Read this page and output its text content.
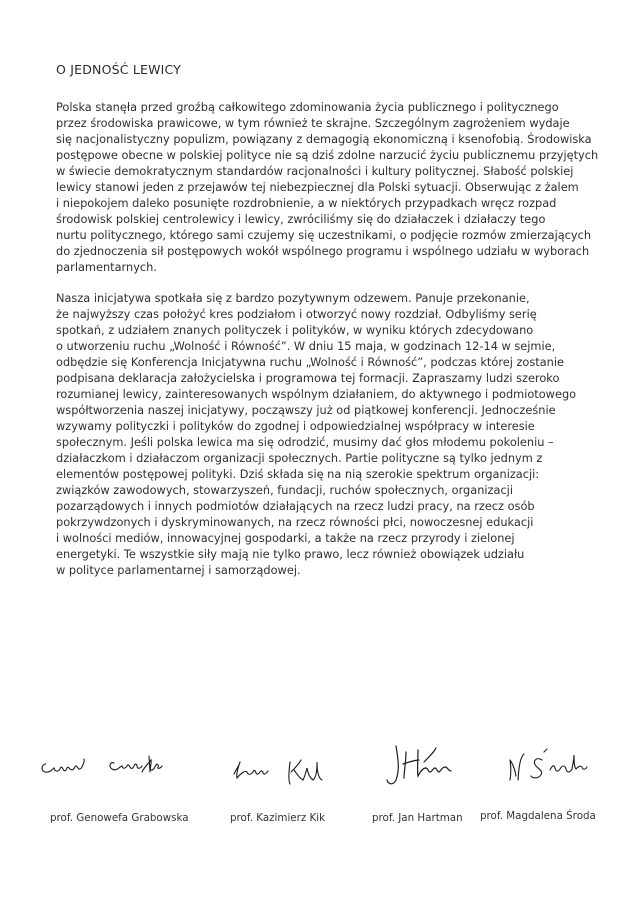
O JEDNOŚĆ LEWICY
Polska stanęła przed groźbą całkowitego zdominowania życia publicznego i politycznego
przez środowiska prawicowe, w tym również te skrajne. Szczególnym zagrożeniem wydaje
się nacjonalistyczny populizm, powiązany z demagogią ekonomiczną i ksenofobią. Środowiska
postępowe obecne w polskiej polityce nie są dziś zdolne narzucić życiu publicznemu przyjętych
w świecie demokratycznym standardów racjonalności i kultury politycznej. Słabość polskiej
lewicy stanowi jeden z przejawów tej niebezpiecznej dla Polski sytuacji. Obserwując z żalem
i niepokojem daleko posunięte rozdrobnienie, a w niektórych przypadkach wręcz rozpad
środowisk polskiej centrolewicy i lewicy, zwróciliśmy się do działaczek i działaczy tego
nurtu politycznego, którego sami czujemy się uczestnikami, o podjęcie rozmów zmierzających
do zjednoczenia sił postępowych wokół wspólnego programu i wspólnego udziału w wyborach
parlamentarnych.
Nasza inicjatywa spotkała się z bardzo pozytywnym odzewem. Panuje przekonanie,
że najwyższy czas położyć kres podziałom i otworzyć nowy rozdział. Odbyliśmy serię
spotkań, z udziałem znanych polityczek i polityków, w wyniku których zdecydowano
o utworzeniu ruchu „Wolność i Równość”. W dniu 15 maja, w godzinach 12-14 w sejmie,
odbędzie się Konferencja Inicjatywna ruchu „Wolność i Równość”, podczas której zostanie
podpisana deklaracja założycielska i programowa tej formacji. Zapraszamy ludzi szeroko
rozumianej lewicy, zainteresowanych wspólnym działaniem, do aktywnego i podmiotowego
współtworzenia naszej inicjatywy, począwszy już od piątkowej konferencji. Jednocześnie
wzywamy polityczki i polityków do zgodnej i odpowiedzialnej współpracy w interesie
społecznym. Jeśli polska lewica ma się odrodzić, musimy dać głos młodemu pokoleniu –
działaczkom i działaczom organizacji społecznych. Partie polityczne są tylko jednym z
elementów postępowej polityki. Dziś składa się na nią szerokie spektrum organizacji:
związków zawodowych, stowarzyszeń, fundacji, ruchów społecznych, organizacji
pozarządowych i innych podmiotów działających na rzecz ludzi pracy, na rzecz osób
pokrzywdzonych i dyskryminowanych, na rzecz równości płci, nowoczesnej edukacji
i wolności mediów, innowacyjnej gospodarki, a także na rzecz przyrody i zielonej
energetyki. Te wszystkie siły mają nie tylko prawo, lecz również obowiązek udziału
w polityce parlamentarnej i samorządowej.
prof. Genowefa Grabowska	prof. Kazimierz Kik	prof. Jan Hartman prof. Magdalena Środa
